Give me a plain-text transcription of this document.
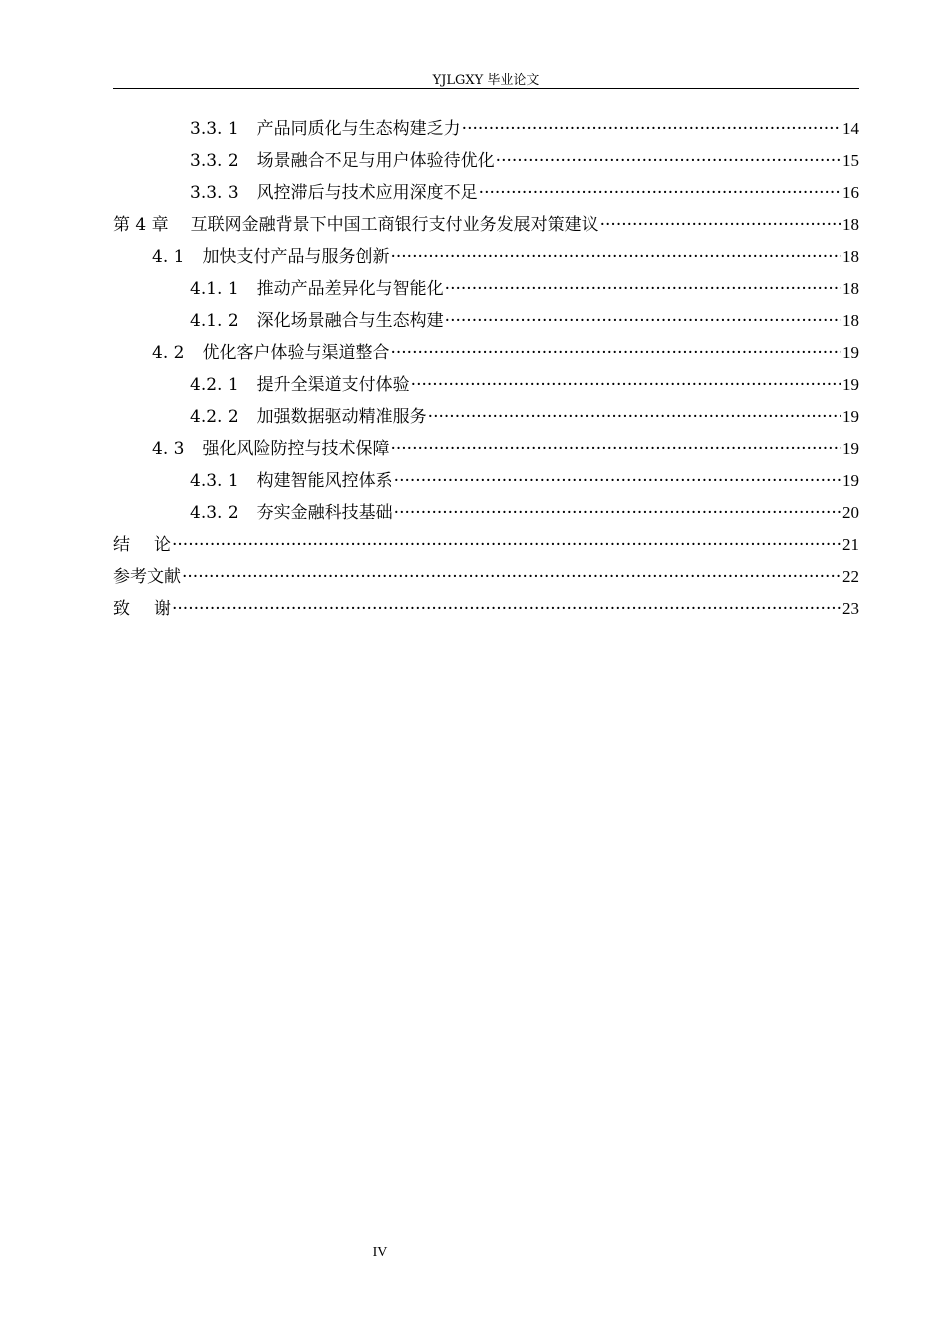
YJLGXY 毕业论文
3.3. 1 产品同质化与生态构建乏力 ·····	14
3.3. 2 场景融合不足与用户体验待优化 ·····	15
3.3. 3 风控滞后与技术应用深度不足 ·····	16
第 4 章 互联网金融背景下中国工商银行支付业务发展对策建议 ·····	18
4. 1 加快支付产品与服务创新 ·····	18
4.1. 1 推动产品差异化与智能化 ·····	18
4.1. 2 深化场景融合与生态构建 ·····	18
4. 2 优化客户体验与渠道整合 ·····	19
4.2. 1 提升全渠道支付体验 ·····	19
4.2. 2 加强数据驱动精准服务 ·····	19
4. 3 强化风险防控与技术保障 ·····	19
4.3. 1 构建智能风控体系 ·····	19
4.3. 2 夯实金融科技基础 ·····	20
结论 ·····	21
参考文献 ·····	22
致谢 ·····	23
IV
